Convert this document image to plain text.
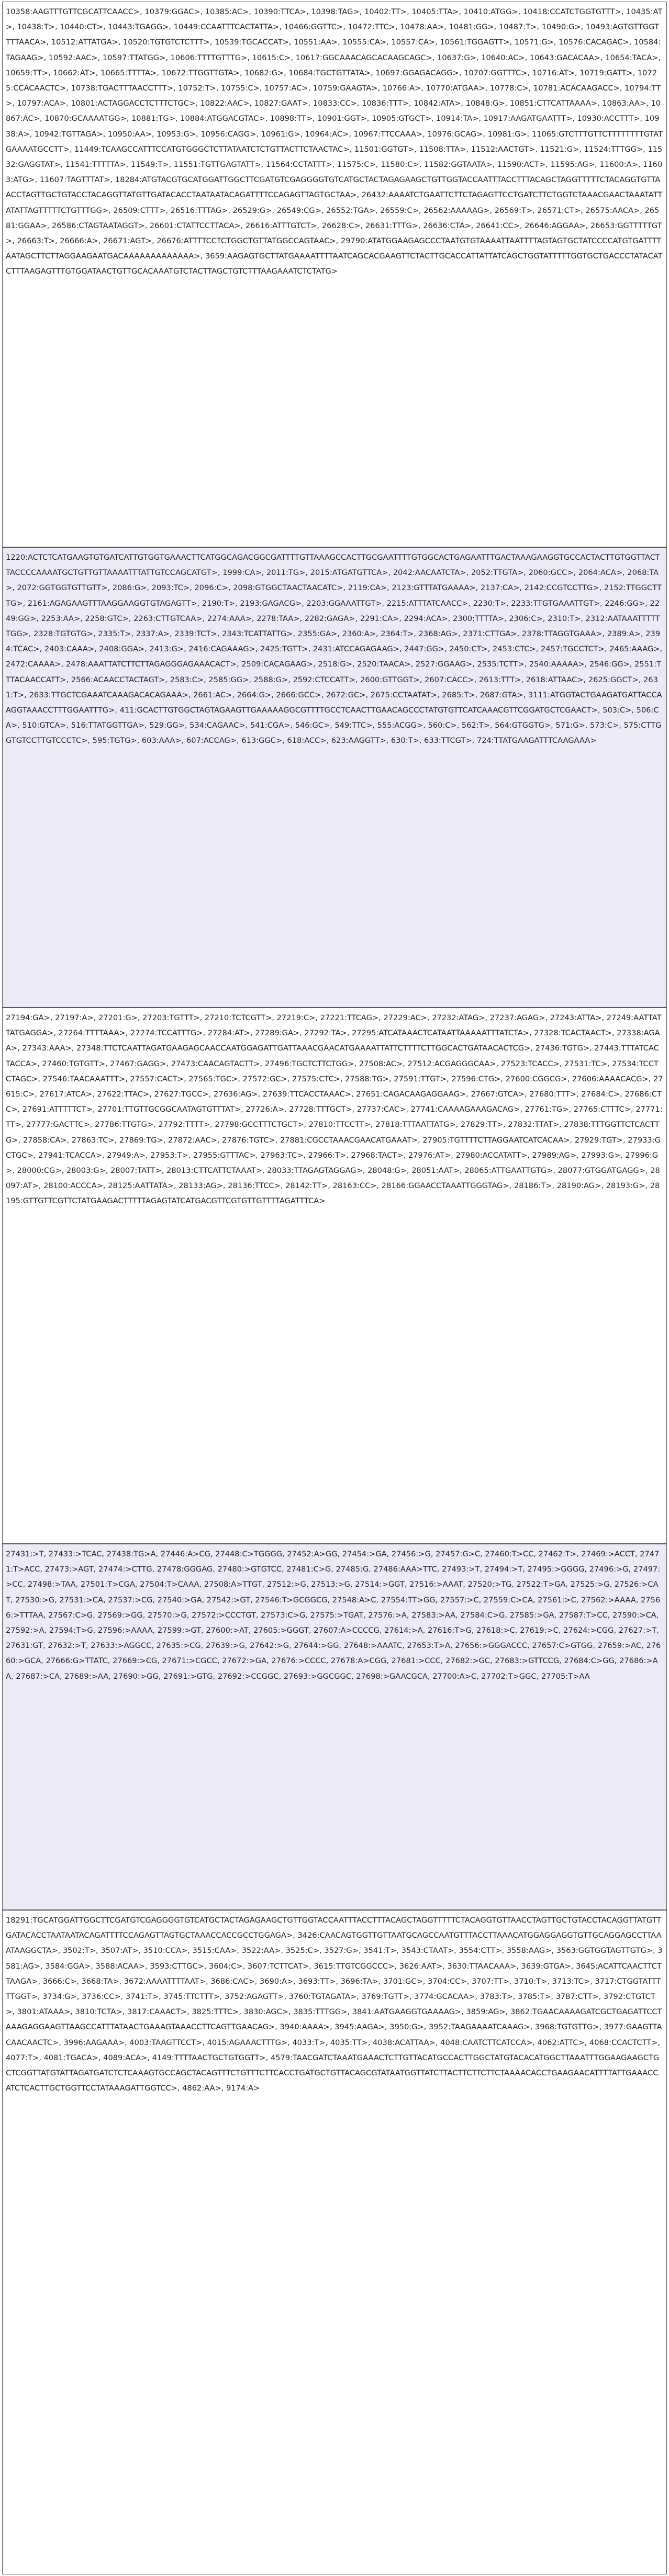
10358:AAGTTTGTTCGCATTCAACC>, 10379:GGAC>, 10385:AC>, 10390:TTCA>, 10398:TAG>, 10402:TT>, 10405:TTA>, 10410:ATGG>, 10418:CCATCTGGTGTTT>, 10435:AT>, 10438:T>, 10440:CT>, 10443:TGAGG>, 10449:CCAATTTCACTATTA>, 10466:GGTTC>, 10472:TTC>, 10478:AA>, 10481:GG>, 10487:T>, 10490:G>, 10493:AGTGTTGGTTTTAACA>, 10512:ATTATGA>, 10520:TGTGTCTCTTT>, 10539:TGCACCAT>, 10551:AA>, 10555:CA>, 10557:CA>, 10561:TGGAGTT>, 10571:G>, 10576:CACAGAC>, 10584:TAGAAG>, 10592:AAC>, 10597:TTATGG>, 10606:TTTTGTTTG>, 10615:C>, 10617:GGCAAACAGCACAAGCAGC>, 10637:G>, 10640:AC>, 10643:GACACAA>, 10654:TACA>, 10659:TT>, 10662:AT>, 10665:TTTTA>, 10672:TTGGTTGTA>, 10682:G>, 10684:TGCTGTTATA>, 10697:GGAGACAGG>, 10707:GGTTTC>, 10716:AT>, 10719:GATT>, 10725:CCACAACTC>, 10738:TGACTTTAACCTTT>, 10752:T>, 10755:C>, 10757:AC>, 10759:GAAGTA>, 10766:A>, 10770:ATGAA>, 10778:C>, 10781:ACACAAGACC>, 10794:TT>, 10797:ACA>, 10801:ACTAGGACCTCTTTCTGC>, 10822:AAC>, 10827:GAAT>, 10833:CC>, 10836:TTT>, 10842:ATA>, 10848:G>, 10851:CTTCATTAAAA>, 10863:AA>, 10867:AC>, 10870:GCAAAATGG>, 10881:TG>, 10884:ATGGACGTAC>, 10898:TT>, 10901:GGT>, 10905:GTGCT>, 10914:TA>, 10917:AAGATGAATTT>, 10930:ACCTTT>, 10938:A>, 10942:TGTTAGA>, 10950:AA>, 10953:G>, 10956:CAGG>, 10961:G>, 10964:AC>, 10967:TTCCAAA>, 10976:GCAG>, 10981:G>, 11065:GTCTTTGTTCTTTTTTTTGTATGAAAATGCCTT>, 11449:TCAAGCCATTTCCATGTGGGCTCTTATAATCTCTGTTACTTCTAACTAC>, 11501:GGTGT>, 11508:TTA>, 11512:AACTGT>, 11521:G>, 11524:TTTGG>, 11532:GAGGTAT>, 11541:TTTTTA>, 11549:T>, 11551:TGTTGAGTATT>, 11564:CCTATTT>, 11575:C>, 11580:C>, 11582:GGTAATA>, 11590:ACT>, 11595:AG>, 11600:A>, 11603:ATG>, 11607:TAGTTTAT>, 18284:ATGTACGTGCATGGATTGGCTTCGATGTCGAGGGGTGTCATGCTACTAGAGAAGCTGTTGGTACCAATTTACCTTTACAGCTAGGTTTTTCTACAGGTGTTAACCTAGTTGCTGTACCTACAGGTTATGTTGATACACCTAATAATACAGATTTTCCAGAGTTAGTGCTAA>, 26432:AAAATCTGAATTCTTCTAGAGTTCCTGATCTTCTGGTCTAAACGAACTAAATATTATATTAGTTTTTCTGTTTGG>, 26509:CTTT>, 26516:TTTAG>, 26529:G>, 26549:CG>, 26552:TGA>, 26559:C>, 26562:AAAAAG>, 26569:T>, 26571:CT>, 26575:AACA>, 26581:GGAA>, 26586:CTAGTAATAGGT>, 26601:CTATTCCTTACA>, 26616:ATTTGTCT>, 26628:C>, 26631:TTTG>, 26636:CTA>, 26641:CC>, 26646:AGGAA>, 26653:GGTTTTTGT>, 26663:T>, 26666:A>, 26671:AGT>, 26676:ATTTTCCTCTGGCTGTTATGGCCAGTAAC>, 29790:ATATGGAAGAGCCCTAATGTGTAAAATTAATTTTAGTAGTGCTATCCCCATGTGATTTTAATAGCTTCTTAGGAAGAATGACAAAAAAAAAAAAA>, 3659:AAGAGTGCTTATGAAAATTTTAATCAGCACGAAGTTCTACTTGCACCATTATTATCAGCTGGTATTTTTGGTGCTGACCCTATACATCTTTAAGAGTTTGTGGATAACTGTTGCACAAATGTCTACTTAGCTGTCTTTAAGAAATCTCTATG>

1220:ACTCTCATGAAGTGTGATCATTGTGGTGAAACTTCATGGCAGACGGCGATTTTGTTAAAGCCACTTGCGAATTTTGTGGCACTGAGAATTTGACTAAAGAAGGTGCCACTACTTGTGGTTACTTACCCCAAAATGCTGTTGTTAAAATTTATTGTCCAGCATGT>, 1999:CA>, 2011:TG>, 2015:ATGATGTTCA>, 2042:AACAATCTA>, 2052:TTGTA>, 2060:GCC>, 2064:ACA>, 2068:TA>, 2072:GGTGGTGTTGTT>, 2086:G>, 2093:TC>, 2096:C>, 2098:GTGGCTAACTAACATC>, 2119:CA>, 2123:GTTTATGAAAA>, 2137:CA>, 2142:CCGTCCTTG>, 2152:TTGGCTTTG>, 2161:AGAGAAGTTTAAGGAAGGTGTAGAGTT>, 2190:T>, 2193:GAGACG>, 2203:GGAAATTGT>, 2215:ATTTATCAACC>, 2230:T>, 2233:TTGTGAAATTGT>, 2246:GG>, 2249:GG>, 2253:AA>, 2258:GTC>, 2263:CTTGTCAA>, 2274:AAA>, 2278:TAA>, 2282:GAGA>, 2291:CA>, 2294:ACA>, 2300:TTTTA>, 2306:C>, 2310:T>, 2312:AATAAATTTTTTGG>, 2328:TGTGTG>, 2335:T>, 2337:A>, 2339:TCT>, 2343:TCATTATTG>, 2355:GA>, 2360:A>, 2364:T>, 2368:AG>, 2371:CTTGA>, 2378:TTAGGTGAAA>, 2389:A>, 2394:TCAC>, 2403:CAAA>, 2408:GGA>, 2413:G>, 2416:CAGAAAG>, 2425:TGTT>, 2431:ATCCAGAGAAG>, 2447:GG>, 2450:CT>, 2453:CTC>, 2457:TGCCTCT>, 2465:AAAG>, 2472:CAAAA>, 2478:AAATTATCTTCTTAGAGGGAGAAACACT>, 2509:CACAGAAG>, 2518:G>, 2520:TAACA>, 2527:GGAAG>, 2535:TCTT>, 2540:AAAAA>, 2546:GG>, 2551:TTTACAACCATT>, 2566:ACAACCTACTAGT>, 2583:C>, 2585:GG>, 2588:G>, 2592:CTCCATT>, 2600:GTTGGT>, 2607:CACC>, 2613:TTT>, 2618:ATTAAC>, 2625:GGCT>, 2631:T>, 2633:TTGCTCGAAATCAAAGACACAGAAA>, 2661:AC>, 2664:G>, 2666:GCC>, 2672:GC>, 2675:CCTAATAT>, 2685:T>, 2687:GTA>, 3111:ATGGTACTGAAGATGATTACCAAGGTAAACCTTTGGAATTTG>, 411:GCACTTGTGGCTAGTAGAAGTTGAAAAAGGCGTTTTGCCTCAACTTGAACAGCCCTATGTGTTCATCAAACGTTCGGATGCTCGAACT>, 503:C>, 506:CA>, 510:GTCA>, 516:TTATGGTTGA>, 529:GG>, 534:CAGAAC>, 541:CGA>, 546:GC>, 549:TTC>, 555:ACGG>, 560:C>, 562:T>, 564:GTGGTG>, 571:G>, 573:C>, 575:CTTGGTGTCCTTGTCCCTC>, 595:TGTG>, 603:AAA>, 607:ACCAG>, 613:GGC>, 618:ACC>, 623:AAGGTT>, 630:T>, 633:TTCGT>, 724:TTATGAAGATTTCAAGAAA>

27194:GA>, 27197:A>, 27201:G>, 27203:TGTTT>, 27210:TCTCGTT>, 27219:C>, 27221:TTCAG>, 27229:AC>, 27232:ATAG>, 27237:AGAG>, 27243:ATTA>, 27249:AATTATTATGAGGA>, 27264:TTTTAAA>, 27274:TCCATTTG>, 27284:AT>, 27289:GA>, 27292:TA>, 27295:ATCATAAACTCATAATTAAAAATTTATCTA>, 27328:TCACTAACT>, 27338:AGAA>, 27343:AAA>, 27348:TTCTCAATTAGATGAAGAGCAACCAATGGAGATTGATTAAACGAACATGAAAATTATTCTTTTCTTGGCACTGATAACACTCG>, 27436:TGTG>, 27443:TTTATCACTACCA>, 27460:TGTGTT>, 27467:GAGG>, 27473:CAACAGTACTT>, 27496:TGCTCTTCTGG>, 27508:AC>, 27512:ACGAGGGCAA>, 27523:TCACC>, 27531:TC>, 27534:TCCTCTAGC>, 27546:TAACAAATTT>, 27557:CACT>, 27565:TGC>, 27572:GC>, 27575:CTC>, 27588:TG>, 27591:TTGT>, 27596:CTG>, 27600:CGGCG>, 27606:AAAACACG>, 27615:C>, 27617:ATCA>, 27622:TTAC>, 27627:TGCC>, 27636:AG>, 27639:TTCACCTAAAC>, 27651:CAGACAAGAGGAAG>, 27667:GTCA>, 27680:TTT>, 27684:C>, 27686:CTC>, 27691:ATTTTTCT>, 27701:TTGTTGCGGCAATAGTGTTTAT>, 27726:A>, 27728:TTTGCT>, 27737:CAC>, 27741:CAAAAGAAAGACAG>, 27761:TG>, 27765:CTTTC>, 27771:TT>, 27777:GACTTC>, 27786:TTGTG>, 27792:TTTT>, 27798:GCCTTTCTGCT>, 27810:TTCCTT>, 27818:TTTAATTATG>, 27829:TT>, 27832:TTAT>, 27838:TTTGGTTCTCACTTG>, 27858:CA>, 27863:TC>, 27869:TG>, 27872:AAC>, 27876:TGTC>, 27881:CGCCTAAACGAACATGAAAT>, 27905:TGTTTTCTTAGGAATCATCACAA>, 27929:TGT>, 27933:GCTGC>, 27941:TCACCA>, 27949:A>, 27953:T>, 27955:GTTTAC>, 27963:TC>, 27966:T>, 27968:TACT>, 27976:AT>, 27980:ACCATATT>, 27989:AG>, 27993:G>, 27996:G>, 28000:CG>, 28003:G>, 28007:TATT>, 28013:CTTCATTCTAAAT>, 28033:TTAGAGTAGGAG>, 28048:G>, 28051:AAT>, 28065:ATTGAATTGTG>, 28077:GTGGATGAGG>, 28097:AT>, 28100:ACCCA>, 28125:AATTATA>, 28133:AG>, 28136:TTCC>, 28142:TT>, 28163:CC>, 28166:GGAACCTAAATTGGGTAG>, 28186:T>, 28190:AG>, 28193:G>, 28195:GTTGTTCGTTCTATGAAGACTTTTTAGAGTATCATGACGTTCGTGTTGTTTTAGATTTCA>

27431:>T, 27433:>TCAC, 27438:TG>A, 27446:A>CG, 27448:C>TGGGG, 27452:A>GG, 27454:>GA, 27456:>G, 27457:G>C, 27460:T>CC, 27462:T>, 27469:>ACCT, 27471:T>ACC, 27473:>AGT, 27474:>CTTG, 27478:GGGAG, 27480:>GTGTCC, 27481:C>G, 27485:G, 27486:AAA>TTC, 27493:>T, 27494:>T, 27495:>GGGG, 27496:>G, 27497:>CC, 27498:>TAA, 27501:T>CGA, 27504:T>CAAA, 27508:A>TTGT, 27512:>G, 27513:>G, 27514:>GGT, 27516:>AAAT, 27520:>TG, 27522:T>GA, 27525:>G, 27526:>CAT, 27530:>G, 27531:>CA, 27537:>CG, 27540:>GA, 27542:>GT, 27546:T>GCGGCG, 27548:A>C, 27554:TT>GG, 27557:>C, 27559:C>CA, 27561:>C, 27562:>AAAA, 27566:>TTTAA, 27567:C>G, 27569:>GG, 27570:>G, 27572:>CCCTGT, 27573:C>G, 27575:>TGAT, 27576:>A, 27583:>AA, 27584:C>G, 27585:>GA, 27587:T>CC, 27590:>CA, 27592:>A, 27594:T>G, 27596:>AAAA, 27599:>GT, 27600:>AT, 27605:>GGGT, 27607:A>CCCCG, 27614:>A, 27616:T>G, 27618:>C, 27619:>C, 27624:>CGG, 27627:>T, 27631:GT, 27632:>T, 27633:>AGGCC, 27635:>CG, 27639:>G, 27642:>G, 27644:>GG, 27648:>AAATC, 27653:T>A, 27656:>GGGACCC, 27657:C>GTGG, 27659:>AC, 27660:>GCA, 27666:G>TTATC, 27669:>CG, 27671:>CGCC, 27672:>GA, 27676:>CCCC, 27678:A>CGG, 27681:>CCC, 27682:>GC, 27683:>GTTCCG, 27684:C>GG, 27686:>AA, 27687:>CA, 27689:>AA, 27690:>GG, 27691:>GTG, 27692:>CCGGC, 27693:>GGCGGC, 27698:>GAACGCA, 27700:A>C, 27702:T>GGC, 27705:T>AA

18291:TGCATGGATTGGCTTCGATGTCGAGGGGTGTCATGCTACTAGAGAAGCTGTTGGTACCAATTTACCTTTACAGCTAGGTTTTTCTACAGGTGTTAACCTAGTTGCTGTACCTACAGGTTATGTTGATACACCTAATAATACAGATTTTCCAGAGTTAGTGCTAAACCACCGCCTGGAGA>, 3426:CAACAGTGGTTGTTAATGCAGCCAATGTTTACCTTAAACATGGAGGAGGTGTTGCAGGAGCCTTAAATAAGGCTA>, 3502:T>, 3507:AT>, 3510:CCA>, 3515:CAA>, 3522:AA>, 3525:C>, 3527:G>, 3541:T>, 3543:CTAAT>, 3554:CTT>, 3558:AAG>, 3563:GGTGGTAGTTGTG>, 3581:AG>, 3584:GGA>, 3588:ACAA>, 3593:CTTGC>, 3604:C>, 3607:TCTTCAT>, 3615:TTGTCGGCCC>, 3626:AAT>, 3630:TTAACAAA>, 3639:GTGA>, 3645:ACATTCAACTTCTTAAGA>, 3666:C>, 3668:TA>, 3672:AAAATTTTAAT>, 3686:CAC>, 3690:A>, 3693:TT>, 3696:TA>, 3701:GC>, 3704:CC>, 3707:TT>, 3710:T>, 3713:TC>, 3717:CTGGTATTTTTGGT>, 3734:G>, 3736:CC>, 3741:T>, 3745:TTCTTT>, 3752:AGAGTT>, 3760:TGTAGATA>, 3769:TGTT>, 3774:GCACAA>, 3783:T>, 3785:T>, 3787:CTT>, 3792:CTGTCT>, 3801:ATAAA>, 3810:TCTA>, 3817:CAAACT>, 3825:TTTC>, 3830:AGC>, 3835:TTTGG>, 3841:AATGAAGGTGAAAAG>, 3859:AG>, 3862:TGAACAAAAGATCGCTGAGATTCCTAAAGAGGAAGTTAAGCCATTTATAACTGAAAGTAAACCTTCAGTTGAACAG>, 3940:AAAA>, 3945:AAGA>, 3950:G>, 3952:TAAGAAAATCAAAG>, 3968:TGTGTTG>, 3977:GAAGTTACAACAACTC>, 3996:AAGAAA>, 4003:TAAGTTCCT>, 4015:AGAAACTTTG>, 4033:T>, 4035:TT>, 4038:ACATTAA>, 4048:CAATCTTCATCCA>, 4062:ATTC>, 4068:CCACTCTT>, 4077:T>, 4081:TGACA>, 4089:ACA>, 4149:TTTTAACTGCTGTGGTT>, 4579:TAACGATCTAAATGAAACTCTTGTTACATGCCACTTGGCTATGTACACATGGCTTAAATTTGGAAGAAGCTGCTCGGTTATGTATTAGATGATCTCTCAAAGTGCCAGCTACAGTTTCTGTTTCTTCACCTGATGCTGTTACAGCGTATAATGGTTATCTTACTTCTTCTTCTAAAACACCTGAAGAACATTTTATTGAAACCATCTCACTTGCTGGTTCCTATAAAGATTGGTCC>, 4862:AA>, 9174:A>
